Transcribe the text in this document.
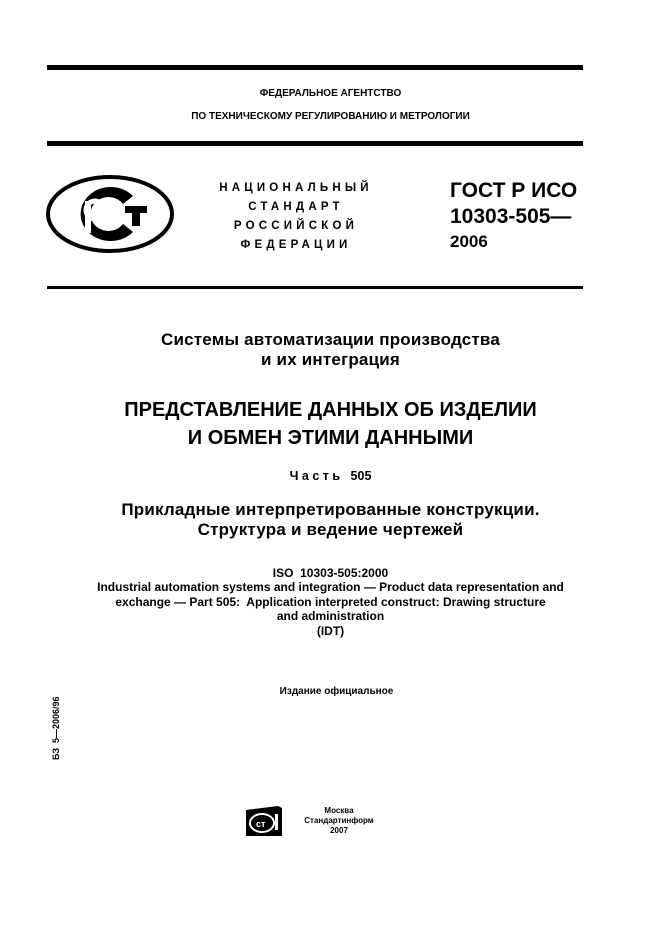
ФЕДЕРАЛЬНОЕ АГЕНТСТВО
ПО ТЕХНИЧЕСКОМУ РЕГУЛИРОВАНИЮ И МЕТРОЛОГИИ
НАЦИОНАЛЬНЫЙ
СТАНДАРТ
РОССИЙСКОЙ
ФЕДЕРАЦИИ
ГОСТ Р ИСО
10303-505—
2006
Системы автоматизации производства
и их интеграция
ПРЕДСТАВЛЕНИЕ ДАННЫХ ОБ ИЗДЕЛИИ
И ОБМЕН ЭТИМИ ДАННЫМИ
Часть 505
Прикладные интерпретированные конструкции.
Структура и ведение чертежей
ISO  10303-505:2000
Industrial automation systems and integration — Product data representation and
exchange — Part 505:  Application interpreted construct: Drawing structure
and administration
(IDT)
Издание официальное
БЗ  5—2006/96
ст
Москва
Стандартинформ
2007
